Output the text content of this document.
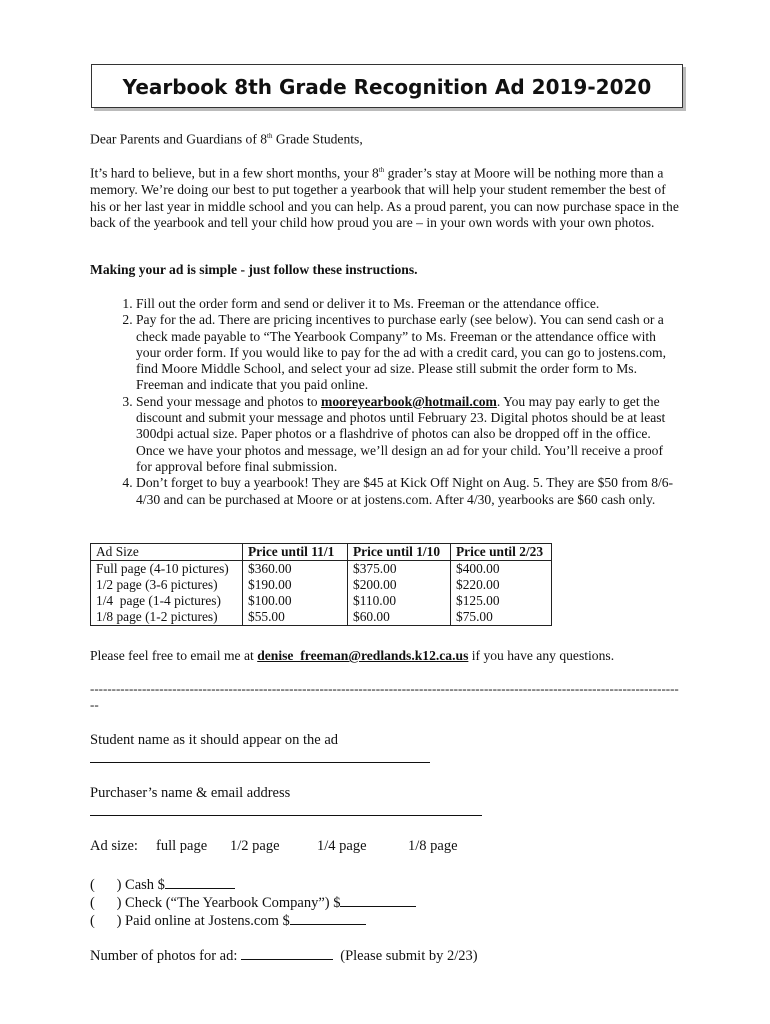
Yearbook 8th Grade Recognition Ad 2019-2020
Dear Parents and Guardians of 8th Grade Students,
It’s hard to believe, but in a few short months, your 8th grader’s stay at Moore will be nothing more than a memory. We’re doing our best to put together a yearbook that will help your student remember the best of his or her last year in middle school and you can help. As a proud parent, you can now purchase space in the back of the yearbook and tell your child how proud you are – in your own words with your own photos.
Making your ad is simple - just follow these instructions.
1. Fill out the order form and send or deliver it to Ms. Freeman or the attendance office.
2. Pay for the ad. There are pricing incentives to purchase early (see below). You can send cash or a check made payable to “The Yearbook Company” to Ms. Freeman or the attendance office with your order form. If you would like to pay for the ad with a credit card, you can go to jostens.com, find Moore Middle School, and select your ad size. Please still submit the order form to Ms. Freeman and indicate that you paid online.
3. Send your message and photos to mooreyearbook@hotmail.com. You may pay early to get the discount and submit your message and photos until February 23. Digital photos should be at least 300dpi actual size. Paper photos or a flashdrive of photos can also be dropped off in the office. Once we have your photos and message, we’ll design an ad for your child. You’ll receive a proof for approval before final submission.
4. Don’t forget to buy a yearbook! They are $45 at Kick Off Night on Aug. 5. They are $50 from 8/6-4/30 and can be purchased at Moore or at jostens.com. After 4/30, yearbooks are $60 cash only.
Ad Size	Price until 11/1	Price until 1/10	Price until 2/23
Full page (4-10 pictures)	$360.00	$375.00	$400.00
1/2 page (3-6 pictures)	$190.00	$200.00	$220.00
1/4  page (1-4 pictures)	$100.00	$110.00	$125.00
1/8 page (1-2 pictures)	$55.00	$60.00	$75.00
Please feel free to email me at denise_freeman@redlands.k12.ca.us if you have any questions.
------------------------------------------------------------------------------------------------------------------------------------------
Student name as it should appear on the ad
Purchaser’s name & email address
Ad size: full page 1/2 page	1/4 page	1/8 page
(      ) Cash $
(      ) Check (“The Yearbook Company”) $
(      ) Paid online at Jostens.com $
Number of photos for ad:	(Please submit by 2/23)
